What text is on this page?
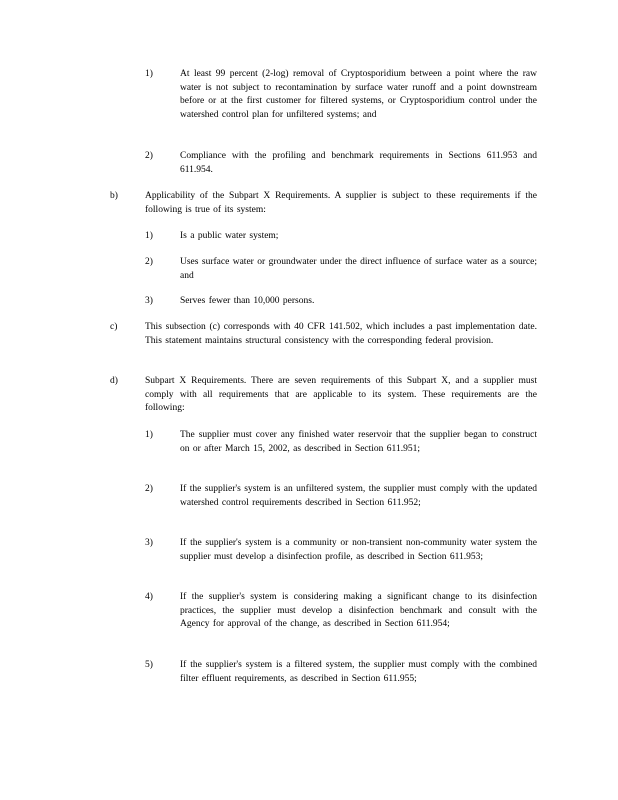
1)	At least 99 percent (2-log) removal of Cryptosporidium between a point where the raw water is not subject to recontamination by surface water runoff and a point downstream before or at the first customer for filtered systems, or Cryptosporidium control under the watershed control plan for unfiltered systems; and

2)	Compliance with the profiling and benchmark requirements in Sections 611.953 and 611.954.

b)	Applicability of the Subpart X Requirements. A supplier is subject to these requirements if the following is true of its system:

1)	Is a public water system;

2)	Uses surface water or groundwater under the direct influence of surface water as a source; and

3)	Serves fewer than 10,000 persons.

c)	This subsection (c) corresponds with 40 CFR 141.502, which includes a past implementation date. This statement maintains structural consistency with the corresponding federal provision.

d)	Subpart X Requirements. There are seven requirements of this Subpart X, and a supplier must comply with all requirements that are applicable to its system. These requirements are the following:

1)	The supplier must cover any finished water reservoir that the supplier began to construct on or after March 15, 2002, as described in Section 611.951;

2)	If the supplier's system is an unfiltered system, the supplier must comply with the updated watershed control requirements described in Section 611.952;

3)	If the supplier's system is a community or non-transient non-community water system the supplier must develop a disinfection profile, as described in Section 611.953;

4)	If the supplier's system is considering making a significant change to its disinfection practices, the supplier must develop a disinfection benchmark and consult with the Agency for approval of the change, as described in Section 611.954;

5)	If the supplier's system is a filtered system, the supplier must comply with the combined filter effluent requirements, as described in Section 611.955;
